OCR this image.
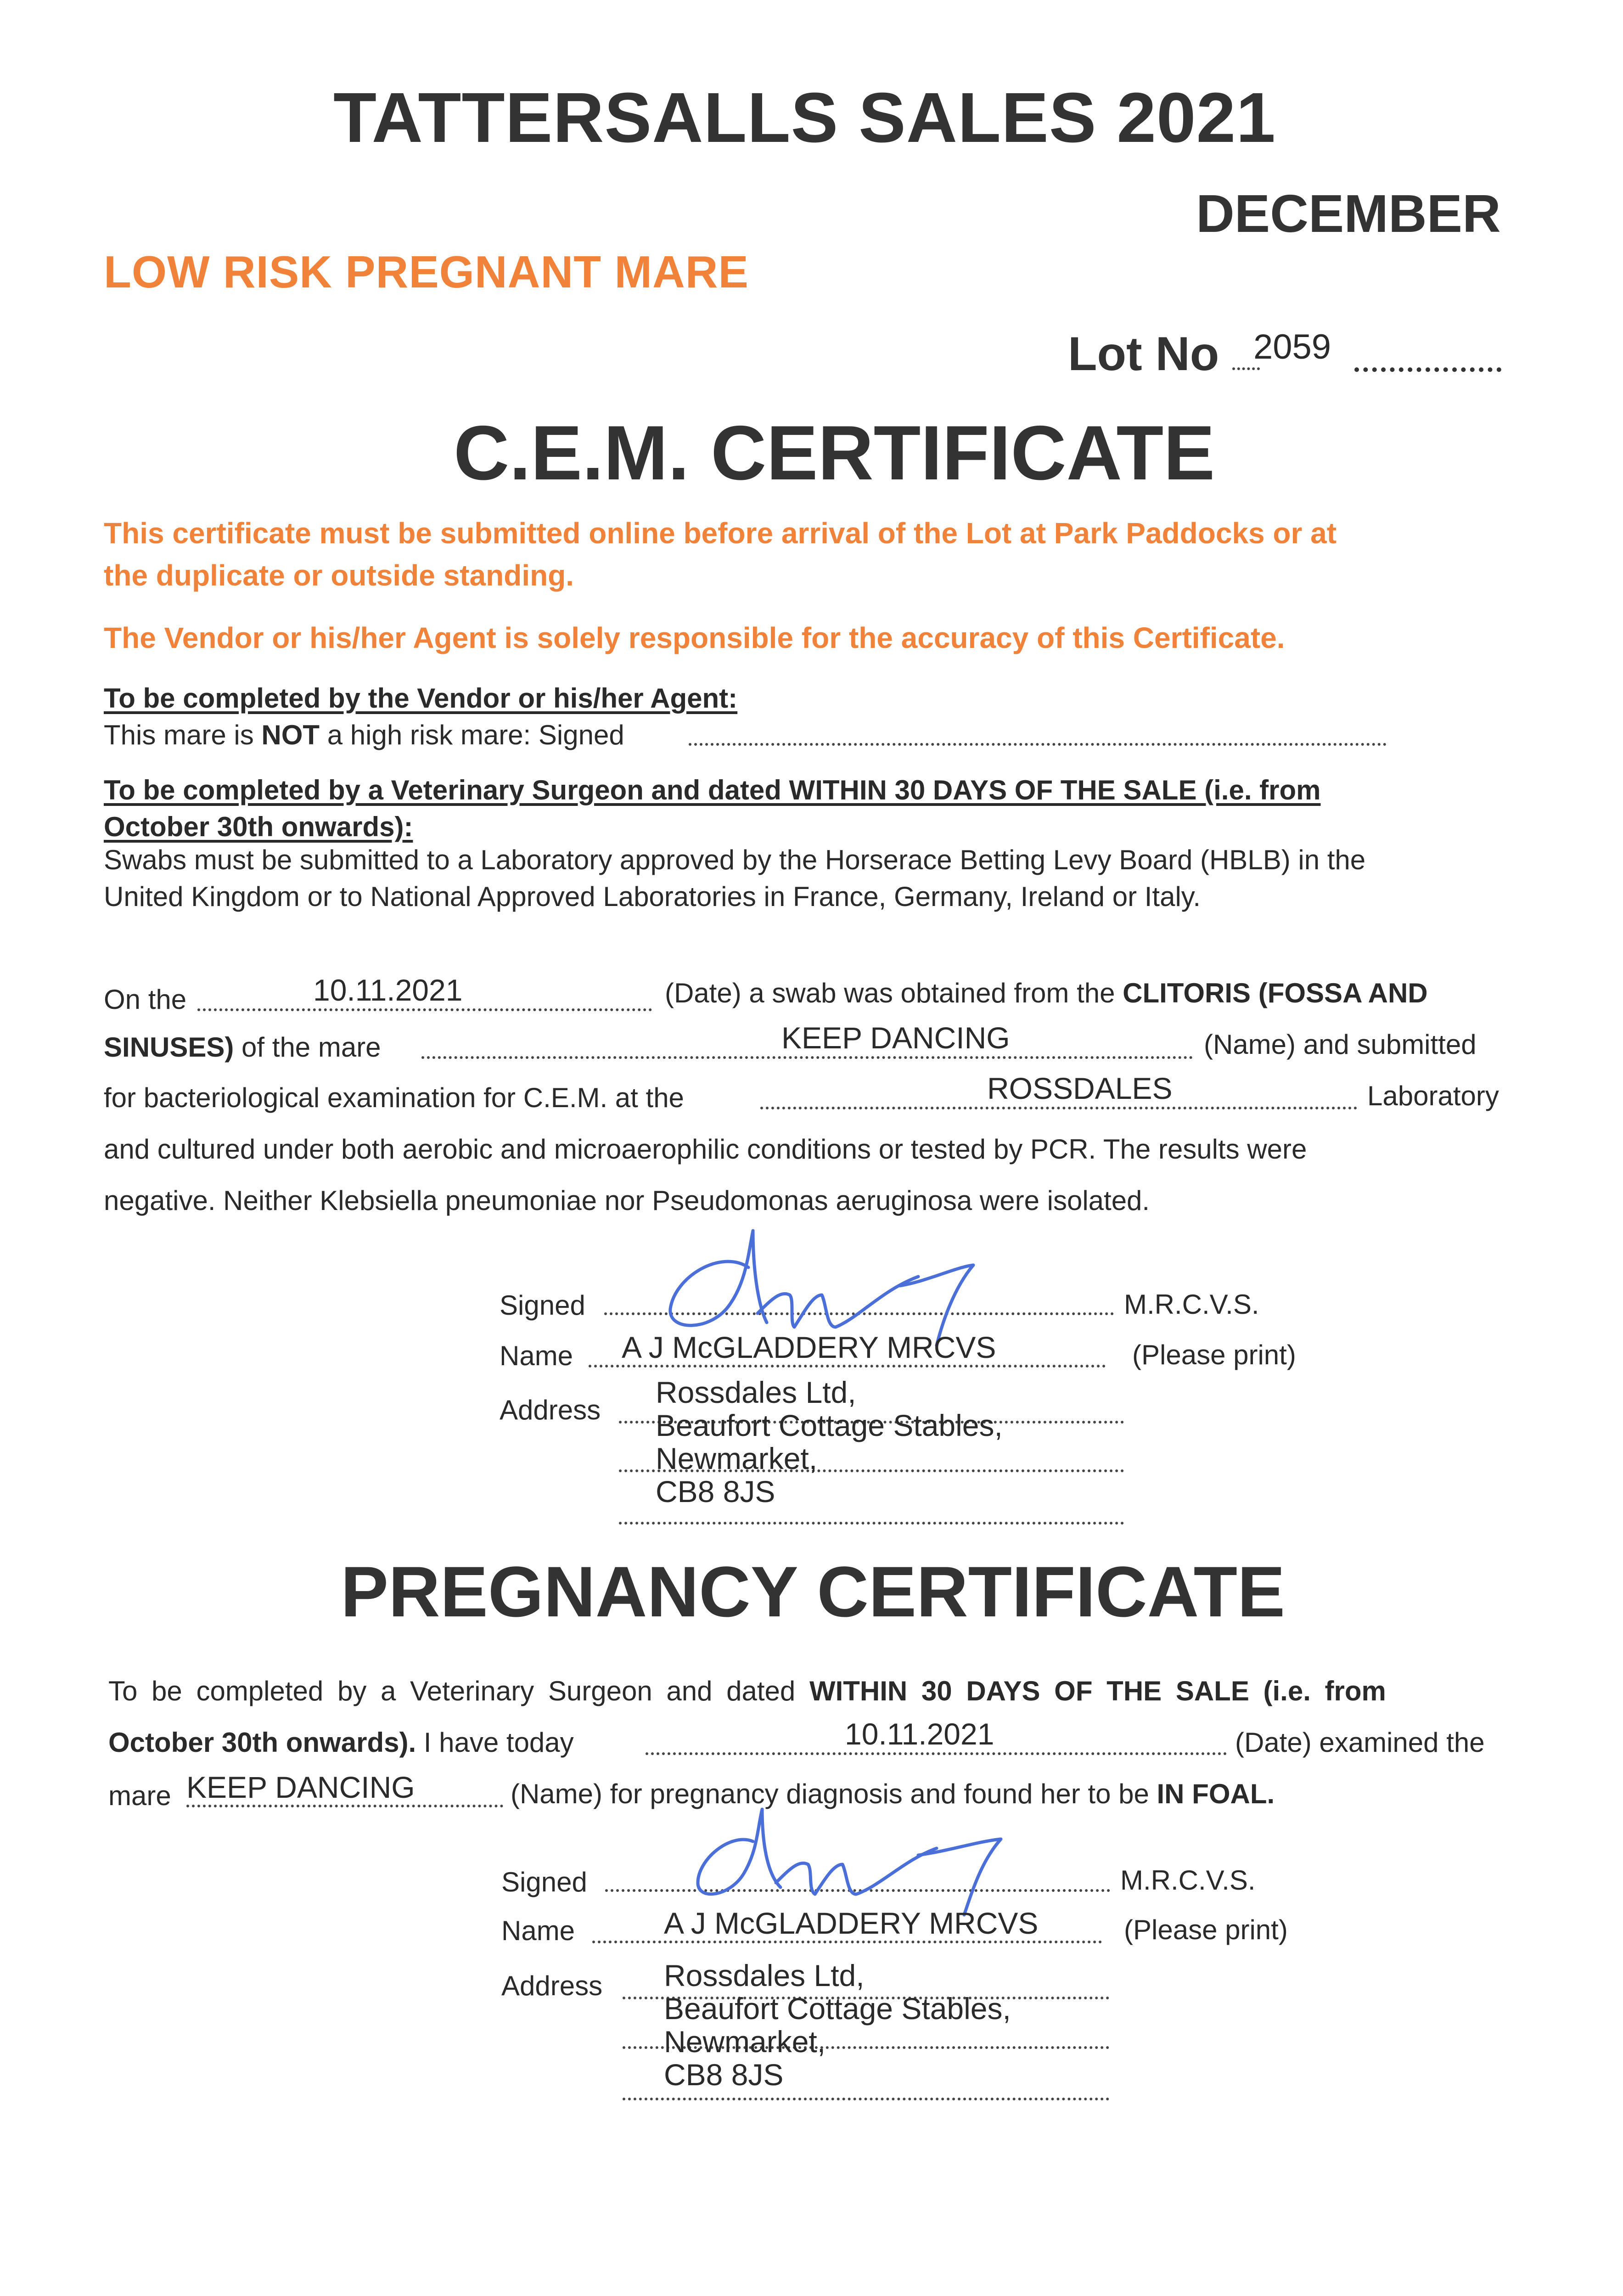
TATTERSALLS SALES 2021
DECEMBER
LOW RISK PREGNANT MARE
Lot No 2059
C.E.M. CERTIFICATE
This certificate must be submitted online before arrival of the Lot at Park Paddocks or at
the duplicate or outside standing.
The Vendor or his/her Agent is solely responsible for the accuracy of this Certificate.
To be completed by the Vendor or his/her Agent:
This mare is NOT a high risk mare: Signed
To be completed by a Veterinary Surgeon and dated WITHIN 30 DAYS OF THE SALE (i.e. from
October 30th onwards):
Swabs must be submitted to a Laboratory approved by the Horserace Betting Levy Board (HBLB) in the
United Kingdom or to National Approved Laboratories in France, Germany, Ireland or Italy.
On the	10.11.2021	(Date) a swab was obtained from the CLITORIS (FOSSA AND
SINUSES) of the mare	KEEP DANCING	(Name) and submitted
for bacteriological examination for C.E.M. at the	ROSSDALES	Laboratory
and cultured under both aerobic and microaerophilic conditions or tested by PCR. The results were
negative. Neither Klebsiella pneumoniae nor Pseudomonas aeruginosa were isolated.
Signed	M.R.C.V.S.
Name A J McGLADDERY MRCVS	(Please print)
Address
Rossdales Ltd,
Beaufort Cottage Stables,
Newmarket,
CB8 8JS
PREGNANCY CERTIFICATE
To be completed by a Veterinary Surgeon and dated WITHIN 30 DAYS OF THE SALE (i.e. from
October 30th onwards). I have today	10.11.2021	(Date) examined the
mare KEEP DANCING	(Name) for pregnancy diagnosis and found her to be IN FOAL.
Signed	M.R.C.V.S.
Name	A J McGLADDERY MRCVS	(Please print)
Address Rossdales Ltd,
Beaufort Cottage Stables,
Newmarket,
CB8 8JS
